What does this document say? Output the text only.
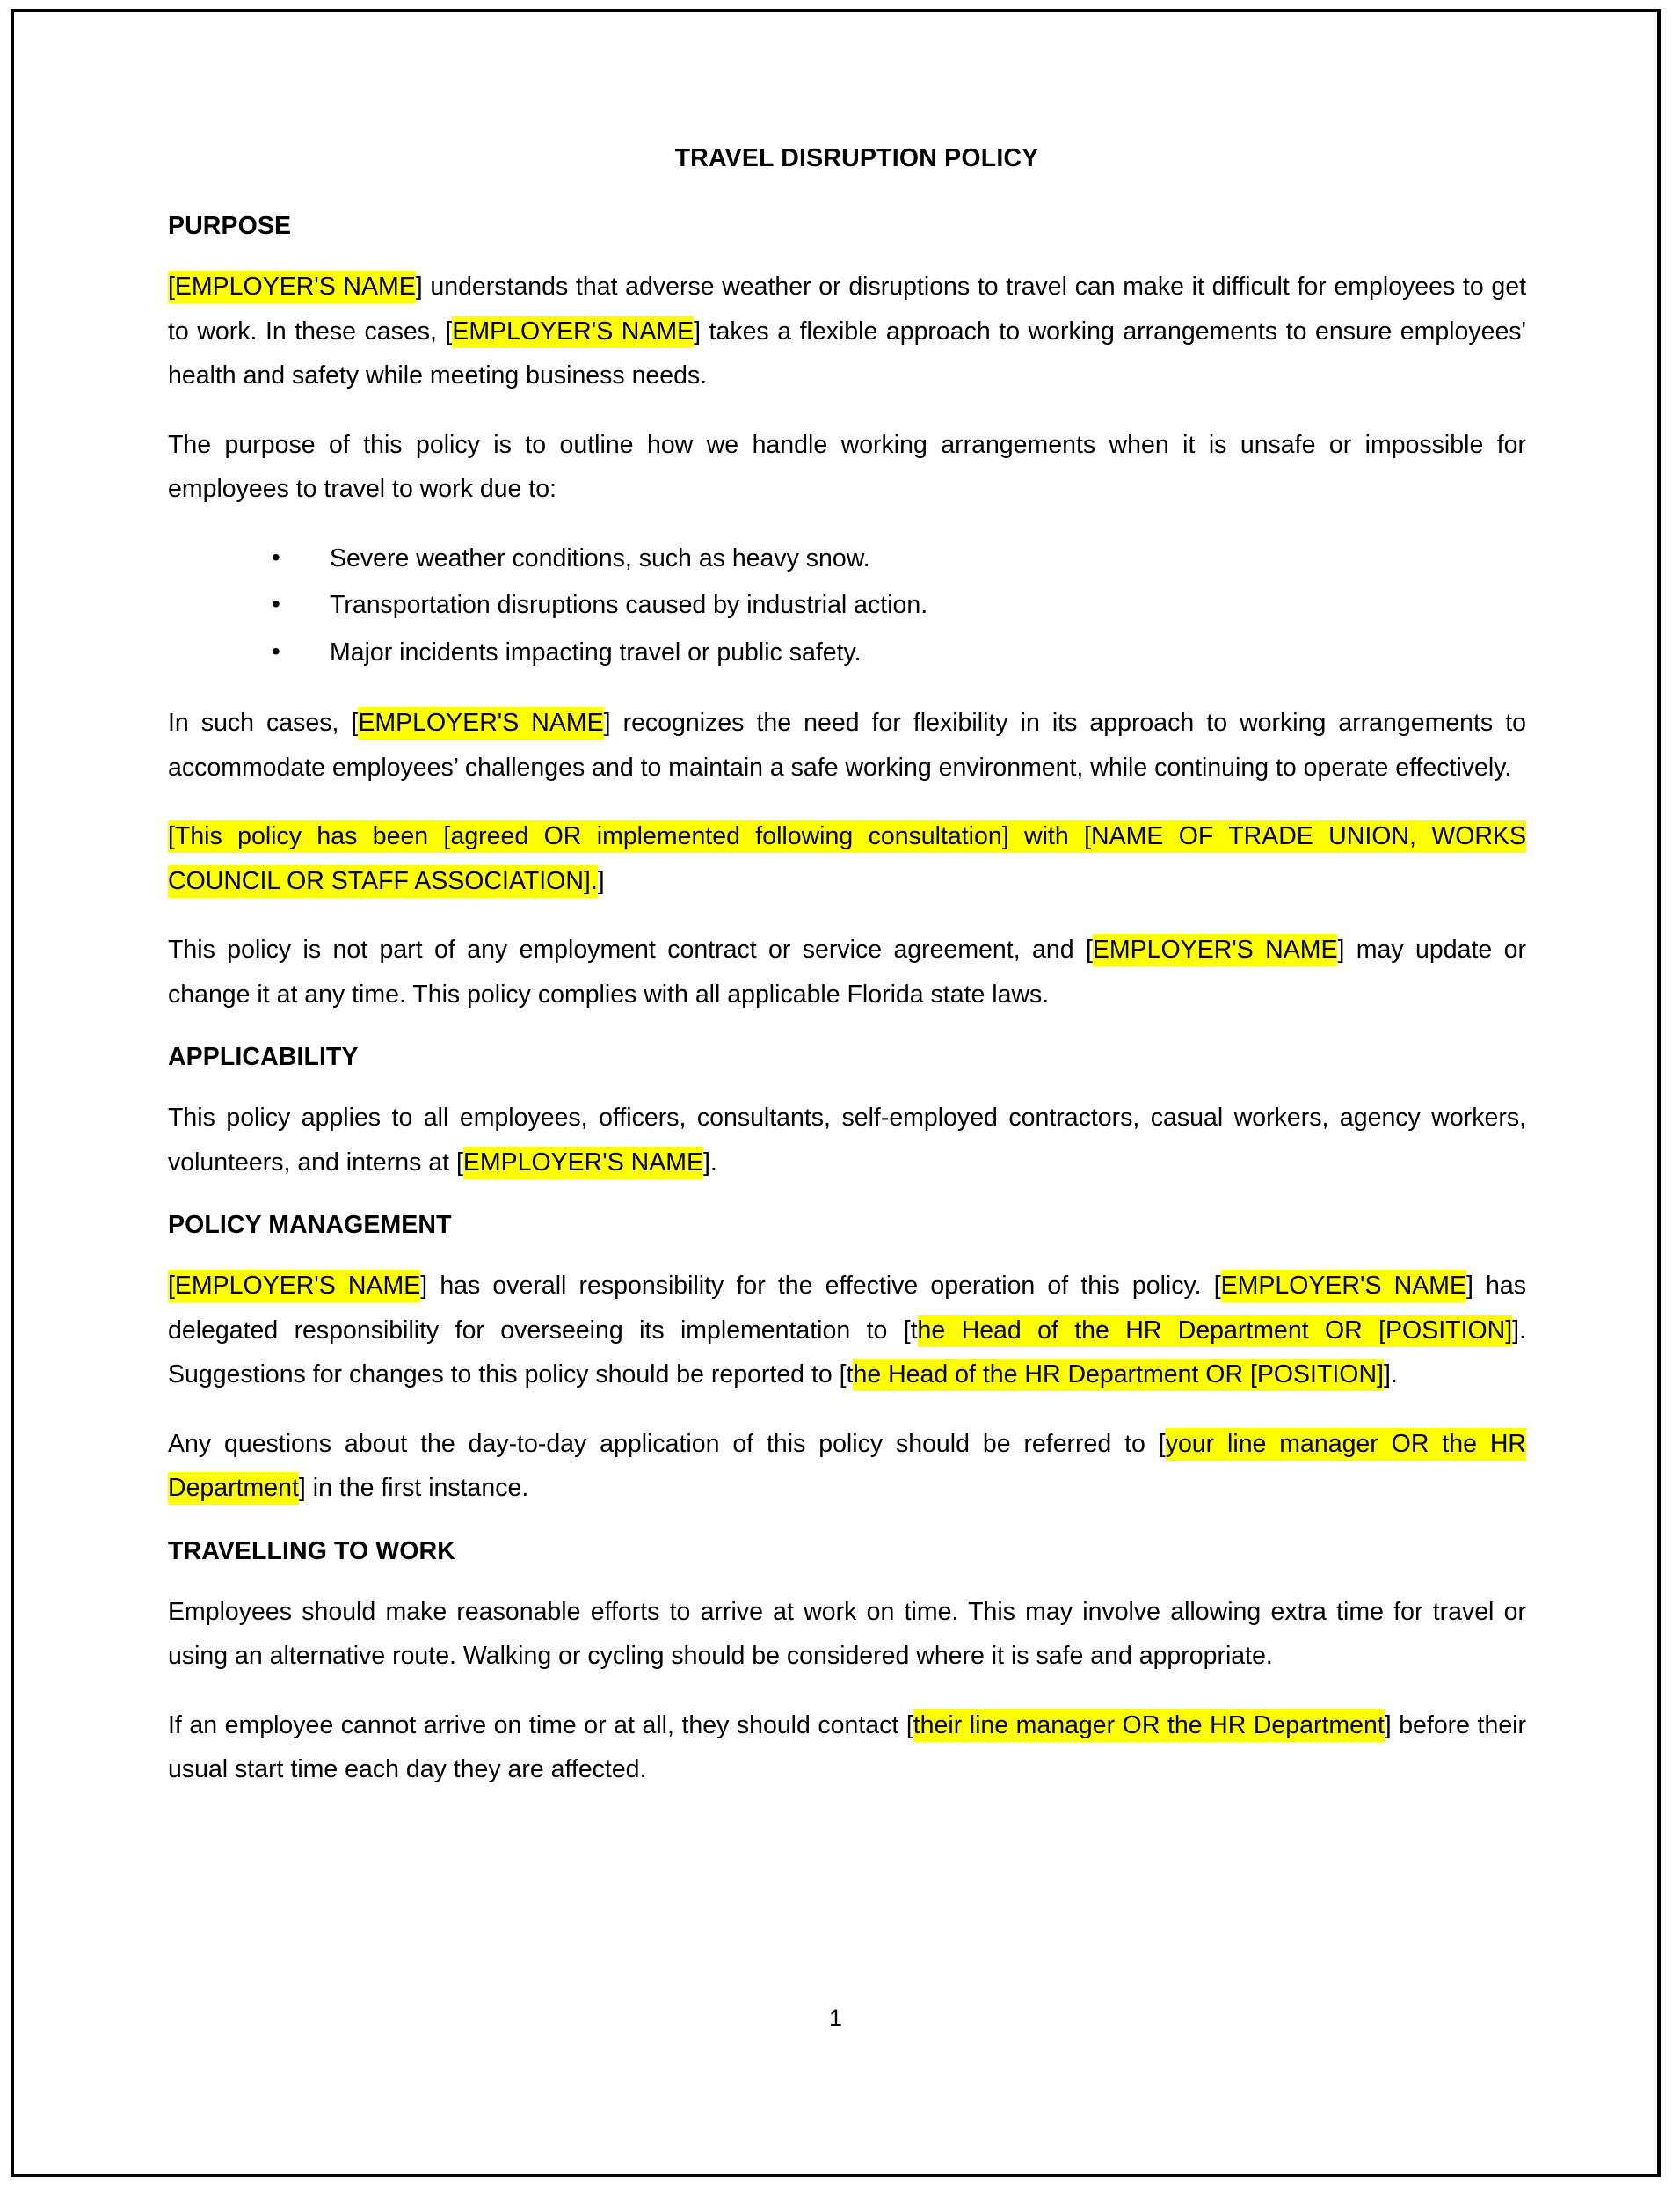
TRAVEL DISRUPTION POLICY
PURPOSE

[EMPLOYER'S NAME] understands that adverse weather or disruptions to travel can make it difficult for employees to get to work. In these cases, [EMPLOYER'S NAME] takes a flexible approach to working arrangements to ensure employees' health and safety while meeting business needs.

The purpose of this policy is to outline how we handle working arrangements when it is unsafe or impossible for employees to travel to work due to:

• Severe weather conditions, such as heavy snow.
• Transportation disruptions caused by industrial action.
• Major incidents impacting travel or public safety.

In such cases, [EMPLOYER'S NAME] recognizes the need for flexibility in its approach to working arrangements to accommodate employees’ challenges and to maintain a safe working environment, while continuing to operate effectively.

[This policy has been [agreed OR implemented following consultation] with [NAME OF TRADE UNION, WORKS COUNCIL OR STAFF ASSOCIATION].]

This policy is not part of any employment contract or service agreement, and [EMPLOYER'S NAME] may update or change it at any time. This policy complies with all applicable Florida state laws.

APPLICABILITY

This policy applies to all employees, officers, consultants, self-employed contractors, casual workers, agency workers, volunteers, and interns at [EMPLOYER'S NAME].

POLICY MANAGEMENT

[EMPLOYER'S NAME] has overall responsibility for the effective operation of this policy. [EMPLOYER'S NAME] has delegated responsibility for overseeing its implementation to [the Head of the HR Department OR [POSITION]]. Suggestions for changes to this policy should be reported to [the Head of the HR Department OR [POSITION]].

Any questions about the day-to-day application of this policy should be referred to [your line manager OR the HR Department] in the first instance.

TRAVELLING TO WORK

Employees should make reasonable efforts to arrive at work on time. This may involve allowing extra time for travel or using an alternative route. Walking or cycling should be considered where it is safe and appropriate.

If an employee cannot arrive on time or at all, they should contact [their line manager OR the HR Department] before their usual start time each day they are affected.

1
